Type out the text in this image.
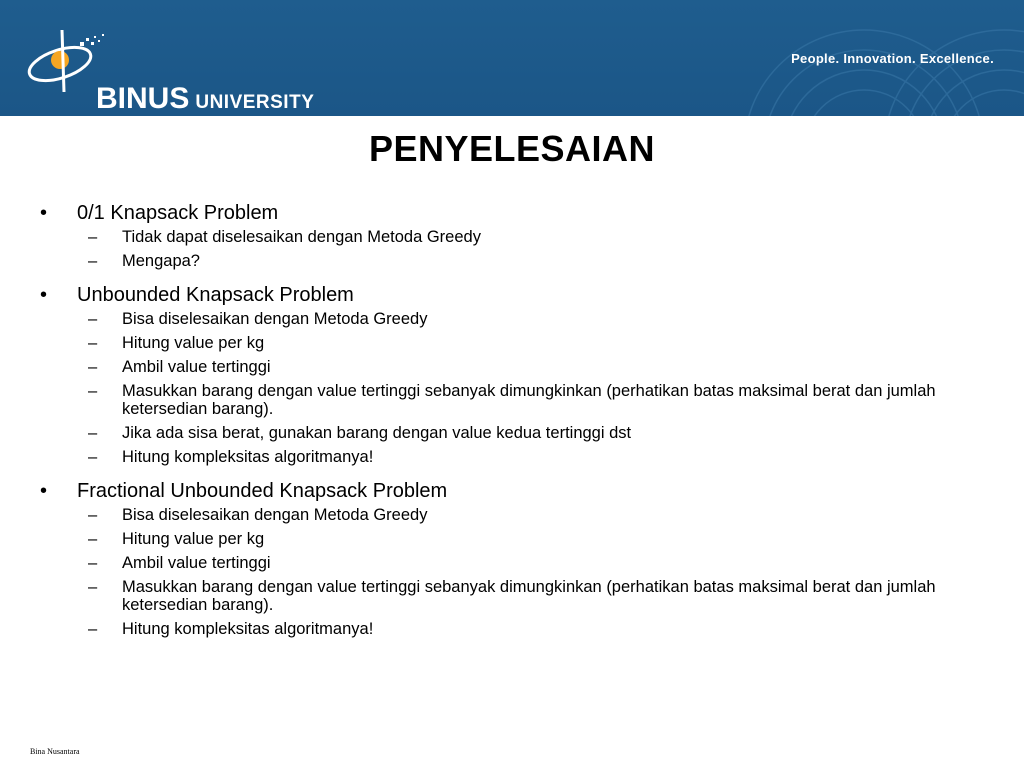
BINUS UNIVERSITY
People. Innovation. Excellence.
PENYELESAIAN
• 0/1 Knapsack Problem
– Tidak dapat diselesaikan dengan Metoda Greedy
– Mengapa?
• Unbounded Knapsack Problem
– Bisa diselesaikan dengan Metoda Greedy
– Hitung value per kg
– Ambil value tertinggi
– Masukkan barang dengan value tertinggi sebanyak dimungkinkan (perhatikan batas maksimal berat dan jumlah ketersedian barang).
– Jika ada sisa berat, gunakan barang dengan value kedua tertinggi dst
– Hitung kompleksitas algoritmanya!
• Fractional Unbounded Knapsack Problem
– Bisa diselesaikan dengan Metoda Greedy
– Hitung value per kg
– Ambil value tertinggi
– Masukkan barang dengan value tertinggi sebanyak dimungkinkan (perhatikan batas maksimal berat dan jumlah ketersedian barang).
– Hitung kompleksitas algoritmanya!
Bina Nusantara
